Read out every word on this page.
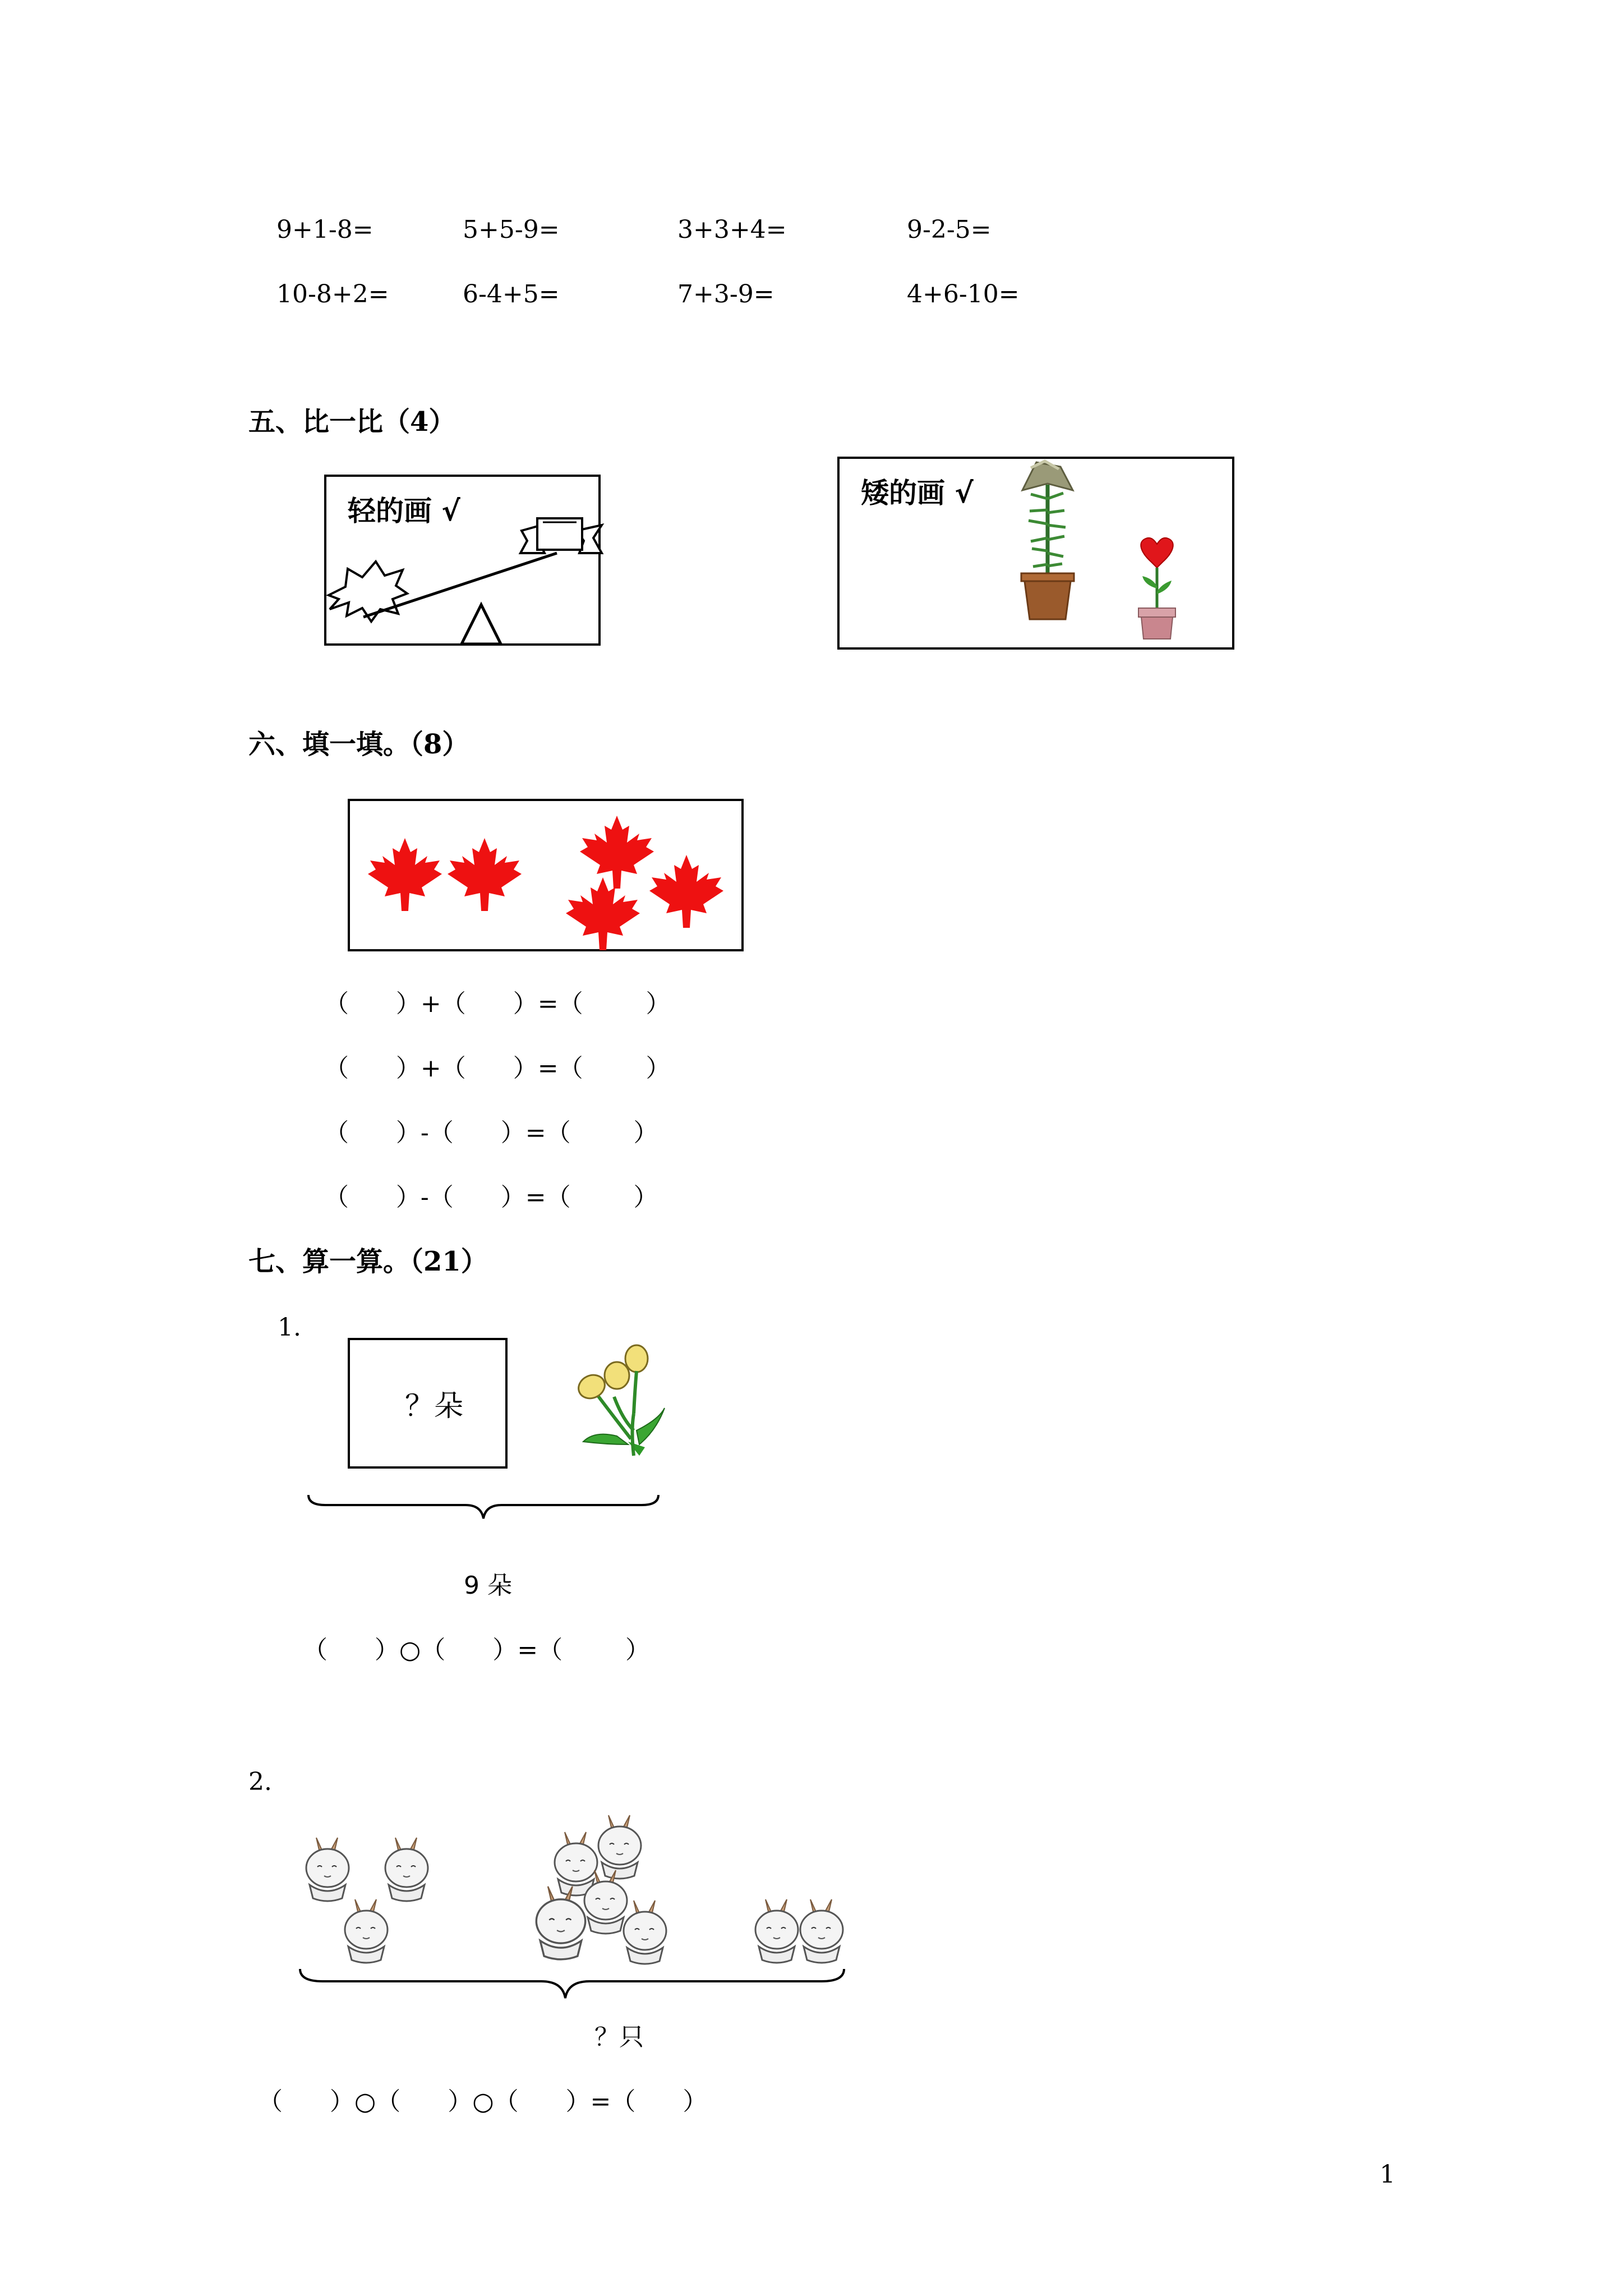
9+1-8=	5+5-9=	3+3+4=	9-2-5=
10-8+2=	6-4+5=	7+3-9=	4+6-10=
五、比一比（4）
轻的画 √
矮的画 √
六、填一填。（8）
（      ）+（      ）=（        ）
（      ）+（      ）=（        ）
（      ）-（      ）=（        ）
（      ）-（      ）=（        ）
七、算一算。（21）
1.
？朵
9 朵
（      ）○（      ）=（        ）
2.
？只
（      ）○（      ）○（      ）=（      ）
1
